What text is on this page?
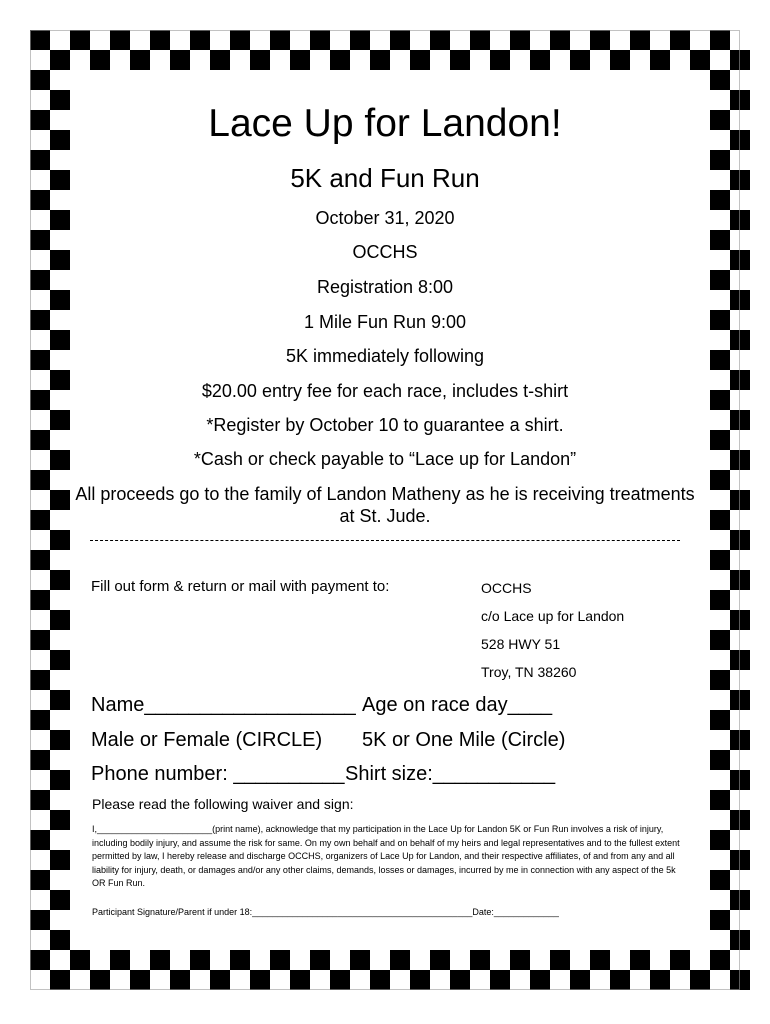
Lace Up for Landon!
5K and Fun Run
October 31, 2020
OCCHS
Registration 8:00
1 Mile Fun Run 9:00
5K immediately following
$20.00 entry fee for each race, includes t-shirt
*Register by October 10 to guarantee a shirt.
*Cash or check payable to “Lace up for Landon”
All proceeds go to the family of Landon Matheny as he is receiving treatments at St. Jude.
Fill out form & return or mail with payment to:	OCCHS
c/o Lace up for Landon
528 HWY 51
Troy, TN 38260
Name___________________ Age on race day____
Male or Female (CIRCLE) 5K or One Mile (Circle)
Phone number: __________ Shirt size:___________
Please read the following waiver and sign:
I,_______________________(print name), acknowledge that my participation in the Lace Up for Landon 5K or Fun Run involves a risk of injury, including bodily injury, and assume the risk for same. On my own behalf and on behalf of my heirs and legal representatives and to the fullest extent permitted by law, I hereby release and discharge OCCHS, organizers of Lace Up for Landon, and their respective affiliates, of and from any and all liability for injury, death, or damages and/or any other claims, demands, losses or damages, incurred by me in connection with any aspect of the 5k OR Fun Run.
Participant Signature/Parent if under 18:____________________________________________Date:_____________
